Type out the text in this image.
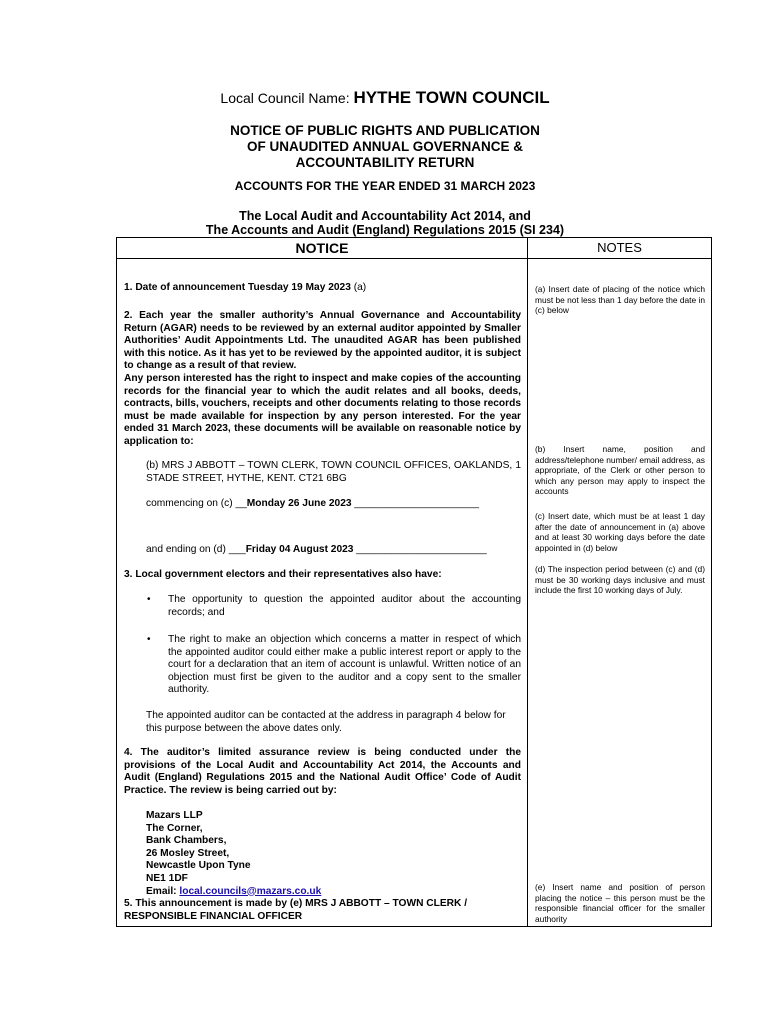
Local Council Name: HYTHE TOWN COUNCIL
NOTICE OF PUBLIC RIGHTS AND PUBLICATION
OF UNAUDITED ANNUAL GOVERNANCE &
ACCOUNTABILITY RETURN
ACCOUNTS FOR THE YEAR ENDED 31 MARCH 2023
The Local Audit and Accountability Act 2014, and
The Accounts and Audit (England) Regulations 2015 (SI 234)
NOTICE	NOTES
1. Date of announcement Tuesday 19 May 2023 (a)
2. Each year the smaller authority’s Annual Governance and Accountability Return (AGAR) needs to be reviewed by an external auditor appointed by Smaller Authorities’ Audit Appointments Ltd. The unaudited AGAR has been published with this notice. As it has yet to be reviewed by the appointed auditor, it is subject to change as a result of that review.
Any person interested has the right to inspect and make copies of the accounting records for the financial year to which the audit relates and all books, deeds, contracts, bills, vouchers, receipts and other documents relating to those records must be made available for inspection by any person interested. For the year ended 31 March 2023, these documents will be available on reasonable notice by application to:
(b) MRS J ABBOTT – TOWN CLERK, TOWN COUNCIL OFFICES, OAKLANDS, 1 STADE STREET, HYTHE, KENT. CT21 6BG
commencing on (c) __Monday 26 June 2023 ______________________
and ending on (d) ___Friday 04 August 2023 _______________________
3. Local government electors and their representatives also have:
• The opportunity to question the appointed auditor about the accounting records; and
• The right to make an objection which concerns a matter in respect of which the appointed auditor could either make a public interest report or apply to the court for a declaration that an item of account is unlawful. Written notice of an objection must first be given to the auditor and a copy sent to the smaller authority.
The appointed auditor can be contacted at the address in paragraph 4 below for this purpose between the above dates only.
4. The auditor’s limited assurance review is being conducted under the provisions of the Local Audit and Accountability Act 2014, the Accounts and Audit (England) Regulations 2015 and the National Audit Office’ Code of Audit Practice. The review is being carried out by:
Mazars LLP
The Corner,
Bank Chambers,
26 Mosley Street,
Newcastle Upon Tyne
NE1 1DF
Email: local.councils@mazars.co.uk
5. This announcement is made by (e) MRS J ABBOTT – TOWN CLERK / RESPONSIBLE FINANCIAL OFFICER
(a) Insert date of placing of the notice which must be not less than 1 day before the date in (c) below
(b) Insert name, position and address/telephone number/ email address, as appropriate, of the Clerk or other person to which any person may apply to inspect the accounts
(c) Insert date, which must be at least 1 day after the date of announcement in (a) above and at least 30 working days before the date appointed in (d) below
(d) The inspection period between (c) and (d) must be 30 working days inclusive and must include the first 10 working days of July.
(e) Insert name and position of person placing the notice – this person must be the responsible financial officer for the smaller authority
